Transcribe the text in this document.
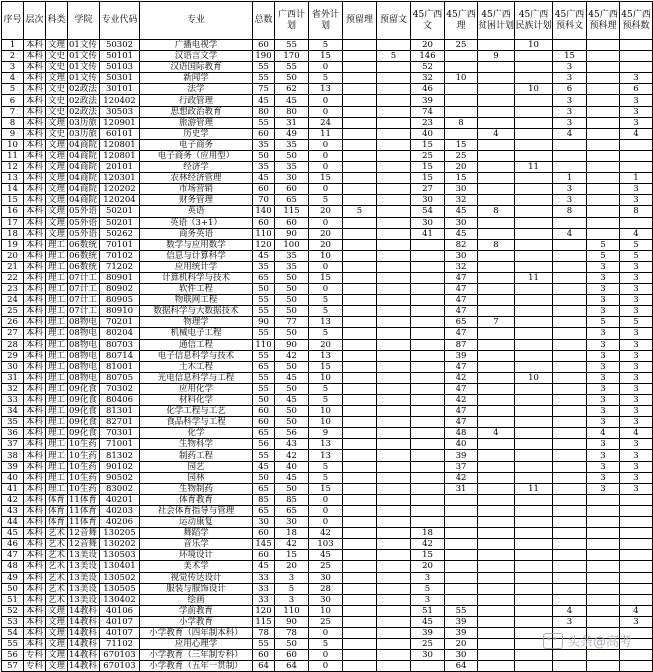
序号	层次	科类	学院	专业代码	专业	总数	广西计划	省外计划	预留理	预留文	45广西文	45广西理	45广西贫困计划	45广西民族计划	45广西预科文	45广西预科理	45广西预科数
1	本科	文理	01文传	50302	广播电视学	60	55	5			20	25		10			
2	本科	文史	01文传	50101	汉语言文学	190	170	15		5	146		9		15		
3	本科	文史	01文传	50103	汉语国际教育	55	55	0			52				3		
4	本科	文理	01文传	50301	新闻学	55	50	5			32	10			3		3
5	本科	文史	02政法	30101	法学	75	62	13			46			10	6		6
6	本科	文史	02政法	120402	行政管理	45	45	0			39				3		3
7	本科	文史	02政法	30503	思想政治教育	80	80	0			74				3		3
8	本科	文理	03历旅	120901	旅游管理	55	31	24			23	8			3		3
9	本科	文史	03历旅	60101	历史学	60	49	11			40		4		4		4
10	本科	文理	04商院	120801	电子商务	35	35	0			15	15					
11	本科	文理	04商院	120801	电子商务（应用型）	50	50	0			25	25					
12	本科	文理	04商院	20101	经济学	35	35	0			15	20		11			
13	本科	文理	04商院	120301	农林经济管理	45	30	15			15	15			1		1
14	本科	文理	04商院	120202	市场营销	60	60	0			27	30			3		3
15	本科	文理	04商院	120204	财务管理	70	65	5			30	32			3		3
16	本科	文理	05外语	50201	英语	140	115	20	5		54	45	8		8		8
17	本科	文理	05外语	50201	英语（3+1）	60	60	0			30	30					
18	本科	文理	05外语	50262	商务英语	110	90	20			41	45			4		4
19	本科	理工	06数统	70101	数学与应用数学	120	100	20				82	8			5	5
20	本科	理工	06数统	70102	信息与计算科学	45	35	10				30				5	5
21	本科	理工	06数统	71202	应用统计学	35	35	0				32				3	3
22	本科	理工	07计工	80901	计算机科学与技术	65	50	15				47		11		3	3
23	本科	理工	07计工	80902	软件工程	50	50	0				47				3	3
24	本科	理工	07计工	80905	物联网工程	55	50	5				47				3	3
25	本科	理工	07计工	80910	数据科学与大数据技术	55	50	5				47				3	3
26	本科	理工	08物电	70201	物理学	90	77	13				65	7			5	5
27	本科	理工	08物电	80204	机械电子工程	55	50	5				47				3	3
28	本科	理工	08物电	80703	通信工程	110	90	20				87				3	3
29	本科	理工	08物电	80714	电子信息科学与技术	55	42	13				39				3	3
30	本科	理工	08物电	81001	土木工程	65	50	15				47				3	3
31	本科	理工	08物电	80705	光电信息科学与工程	55	45	10				42		10		3	3
32	本科	理工	09化食	70302	应用化学	55	50	5				47				3	3
33	本科	理工	09化食	80406	材料化学	50	45	5				42				3	3
34	本科	理工	09化食	81301	化学工程与工艺	60	50	10				47				3	3
35	本科	理工	09化食	82701	食品科学与工程	60	50	10				47				3	3
36	本科	理工	09化食	70301	化学	65	56	9				48	4			4	4
37	本科	理工	10生药	71001	生物科学	56	43	13				40				3	3
38	本科	理工	10生药	81302	制药工程	55	42	13				39				3	3
39	本科	理工	10生药	90102	园艺	45	40	5				37				3	3
40	本科	理工	10生药	90502	园林	50	45	5				42				3	3
41	本科	理工	10生药	83002	生物制药	65	50	15				31		11		3	3
42	本科	体育	11体育	40201	体育教育	85	85	0									
43	本科	体育	11体育	40203	社会体育指导与管理	65	65	0									
44	本科	体育	11体育	40206	运动康复	30	30	0									
45	本科	艺术	12音舞	130205	舞蹈学	60	18	42			18						
46	本科	艺术	12音舞	130202	音乐学	145	42	103			42						
47	本科	艺术	13美设	130503	环境设计	60	15	45			15						
48	本科	艺术	13美设	130401	美术学	45	20	25			20						
49	本科	艺术	13美设	130502	视觉传达设计	33	3	30			3						
50	本科	艺术	13美设	130505	服装与服饰设计	33	5	28			5						
51	本科	艺术	13美设	130402	绘画	33	3	30			3						
52	本科	文理	14教科	40106	学前教育	120	110	10			51	55			4		4
53	本科	文理	14教科	40107	小学教育	115	90	25			45	39			3		3
54	本科	文理	14教科	40107	小学教育（四年制本科）	78	78	0			39	39					
55	本科	文理	14教科	71102	应用心理学	55	50	5			25	20					
56	专科	文理	14教科	670103	小学教育（三年制专科）	60	60	0			30	30					
57	专科	文理	14教科	670103	小学教育（五年一贯制）	64	64	0				64					
头条@高考
